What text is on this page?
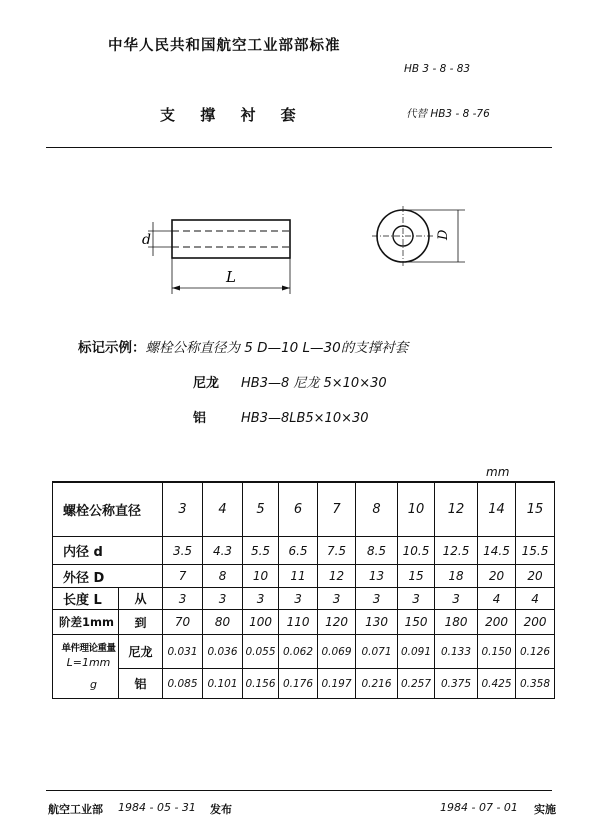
中华人民共和国航空工业部部标准
HB 3 - 8 - 83
支 撑 衬 套	代替 HB3 - 8 -76
d
L
D
标记示例：螺栓公称直径为 5 D—10 L—30的支撑衬套
尼龙 HB3—8 尼龙 5×10×30
铝	HB3—8LB5×10×30
mm
螺栓公称直径		3	4	5	6	7	8	10	12	14	15
内径 d		3.5	4.3	5.5	6.5	7.5	8.5	10.5	12.5	14.5	15.5
外径 D		7	8	10	11	12	13	15	18	20	20
长度 L	从	3	3	3	3	3	3	3	3	4	4
阶差1mm	到	70	80	100	110	120	130	150	180	200	200

单件理论重量
L=1mm
g	尼龙	0.031	0.036	0.055	0.062	0.069	0.071	0.091	0.133	0.150	0.126
	铝	0.085	0.101	0.156	0.176	0.197	0.216	0.257	0.375	0.425	0.358
航空工业部 1984 - 05 - 31 发布	1984 - 07 - 01 实施
